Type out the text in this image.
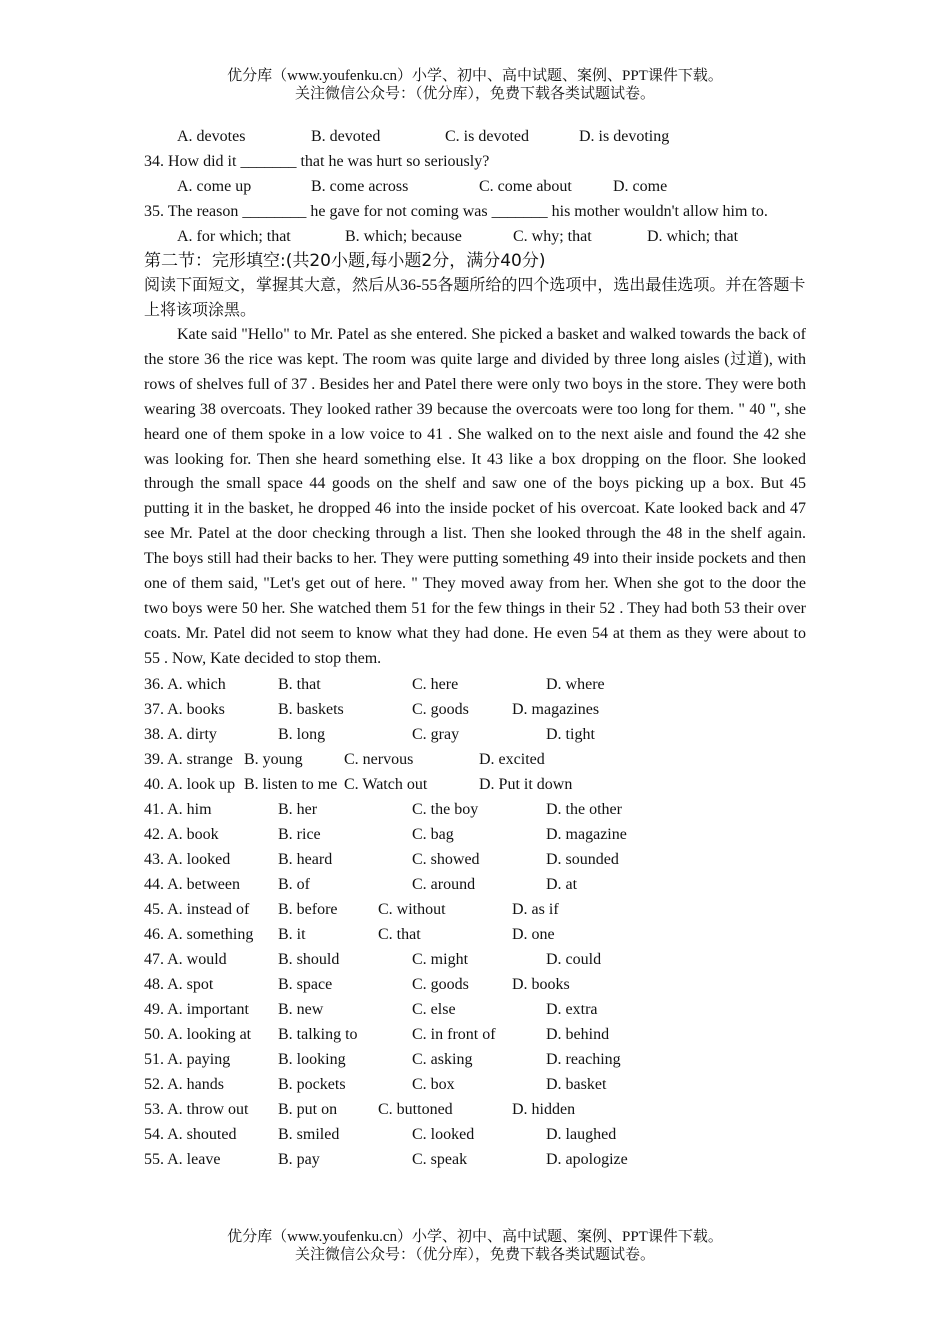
优分库（www.youfenku.cn）小学、初中、高中试题、案例、PPT课件下载。
关注微信公众号：（优分库），免费下载各类试题试卷。
A. devotes	B. devoted	C. is devoted	D. is devoting
34. How did it _______ that he was hurt so seriously?
A. come up	B. come across	C. come about	D. come
35. The reason ________ he gave for not coming was _______ his mother wouldn't allow him to.
A. for which; that	B. which; because	C. why; that	D. which; that
第二节：完形填空:(共20小题,每小题2分，满分40分)
阅读下面短文，掌握其大意，然后从36-55各题所给的四个选项中，选出最佳选项。并在答题卡上将该项涂黑。
Kate said "Hello" to Mr. Patel as she entered. She picked a basket and walked towards the back of the store 36 the rice was kept. The room was quite large and divided by three long aisles (过道), with rows of shelves full of 37 . Besides her and Patel there were only two boys in the store. They were both wearing 38 overcoats. They looked rather 39 because the overcoats were too long for them. " 40 ", she heard one of them spoke in a low voice to 41 . She walked on to the next aisle and found the 42 she was looking for. Then she heard something else. It 43 like a box dropping on the floor. She looked through the small space 44 goods on the shelf and saw one of the boys picking up a box. But 45 putting it in the basket, he dropped 46 into the inside pocket of his overcoat. Kate looked back and 47 see Mr. Patel at the door checking through a list. Then she looked through the 48 in the shelf again. The boys still had their backs to her. They were putting something 49 into their inside pockets and then one of them said, "Let's get out of here. " They moved away from her. When she got to the door the two boys were 50 her. She watched them 51 for the few things in their 52 . They had both 53 their over coats. Mr. Patel did not seem to know what they had done. He even 54 at them as they were about to 55 . Now, Kate decided to stop them.
36. A. which	B. that	C. here	D. where
37. A. books	B. baskets	C. goods	D. magazines
38. A. dirty	B. long	C. gray	D. tight
39. A. strange B. young	C. nervous	D. excited
40. A. look up B. listen to me C. Watch out	D. Put it down
41. A. him	B. her	C. the boy	D. the other
42. A. book	B. rice	C. bag	D. magazine
43. A. looked	B. heard	C. showed	D. sounded
44. A. between B. of	C. around	D. at
45. A. instead of B. before	C. without	D. as if
46. A. something B. it	C. that	D. one
47. A. would	B. should	C. might	D. could
48. A. spot	B. space	C. goods	D. books
49. A. important B. new	C. else	D. extra
50. A. looking at B. talking to	C. in front of	D. behind
51. A. paying	B. looking	C. asking	D. reaching
52. A. hands	B. pockets	C. box	D. basket
53. A. throw out B. put on	C. buttoned	D. hidden
54. A. shouted	B. smiled	C. looked	D. laughed
55. A. leave	B. pay	C. speak	D. apologize
优分库（www.youfenku.cn）小学、初中、高中试题、案例、PPT课件下载。
关注微信公众号：（优分库），免费下载各类试题试卷。
